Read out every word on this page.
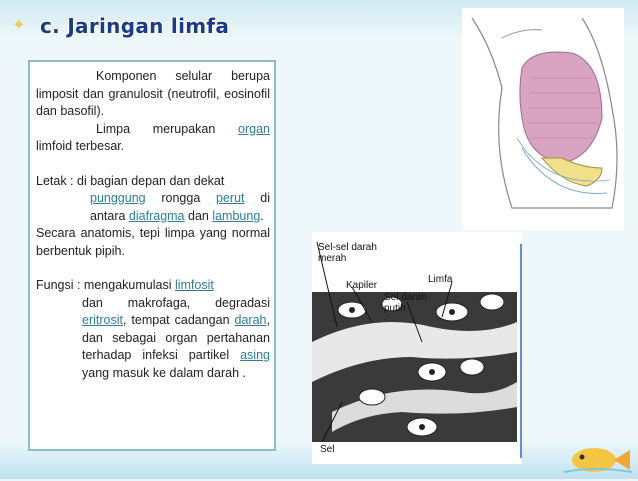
✦ c. Jaringan limfa

Komponen selular berupa limposit dan granulosit (neutrofil, eosinofil dan basofil).

Limpa merupakan organ limfoid terbesar.

Letak : di bagian depan dan dekat

punggung rongga perut di antara diafragma dan lambung.

Secara anatomis, tepi limpa yang normal berbentuk pipih.

Fungsi : mengakumulasi limfosit

dan makrofaga, degradasi eritrosit, tempat cadangan darah, dan sebagai organ pertahanan terhadap infeksi partikel asing yang masuk ke dalam darah .

Sel-sel darah
merah
Limfa
Kapiler
Sel darah
putih
Sel
